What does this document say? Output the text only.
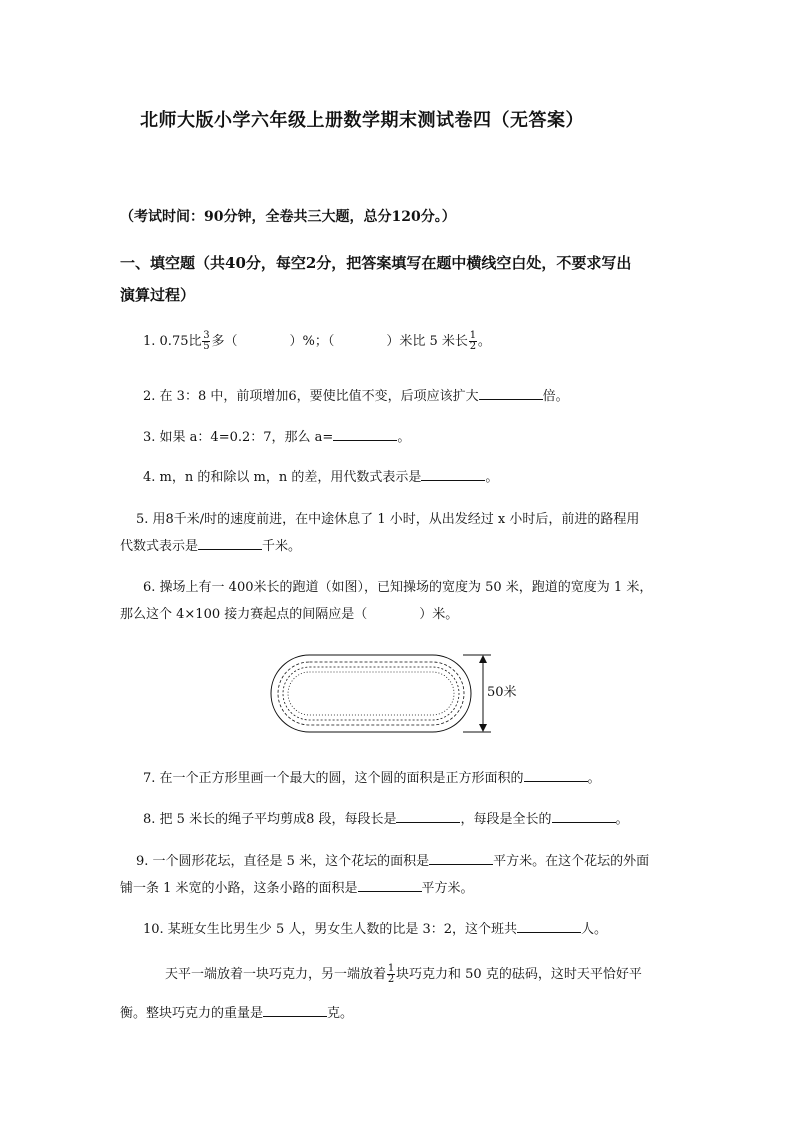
北师大版小学六年级上册数学期末测试卷四（无答案）
（考试时间：90分钟，全卷共三大题，总分120分。）
一、填空题（共40分，每空2分，把答案填写在题中横线空白处，不要求写出
演算过程）
1. 0.75比 $\frac{3}{5}$ 多（　　　　）%；（　　　　）米比 5 米长 $\frac{1}{2}$ 。
2. 在 3：8 中，前项增加6，要使比值不变，后项应该扩大	倍。
3. 如果 a：4=0.2：7，那么 a=	。
4. m，n 的和除以 m，n 的差，用代数式表示是	。
5. 用8千米/时的速度前进，在中途休息了 1 小时，从出发经过 x 小时后，前进的路程用
代数式表示是	千米。
6. 操场上有一 400米长的跑道（如图），已知操场的宽度为 50 米，跑道的宽度为 1 米，
那么这个 4×100 接力赛起点的间隔应是（　　　　）米。
50米
7. 在一个正方形里画一个最大的圆，这个圆的面积是正方形面积的	。
8. 把 5 米长的绳子平均剪成8 段，每段长是	，每段是全长的	。
9. 一个圆形花坛，直径是 5 米，这个花坛的面积是	平方米。在这个花坛的外面
铺一条 1 米宽的小路，这条小路的面积是	平方米。
10. 某班女生比男生少 5 人，男女生人数的比是 3：2，这个班共	人。
天平一端放着一块巧克力，另一端放着 $\frac{1}{2}$ 块巧克力和 50 克的砝码，这时天平恰好平
衡。整块巧克力的重量是	克。
